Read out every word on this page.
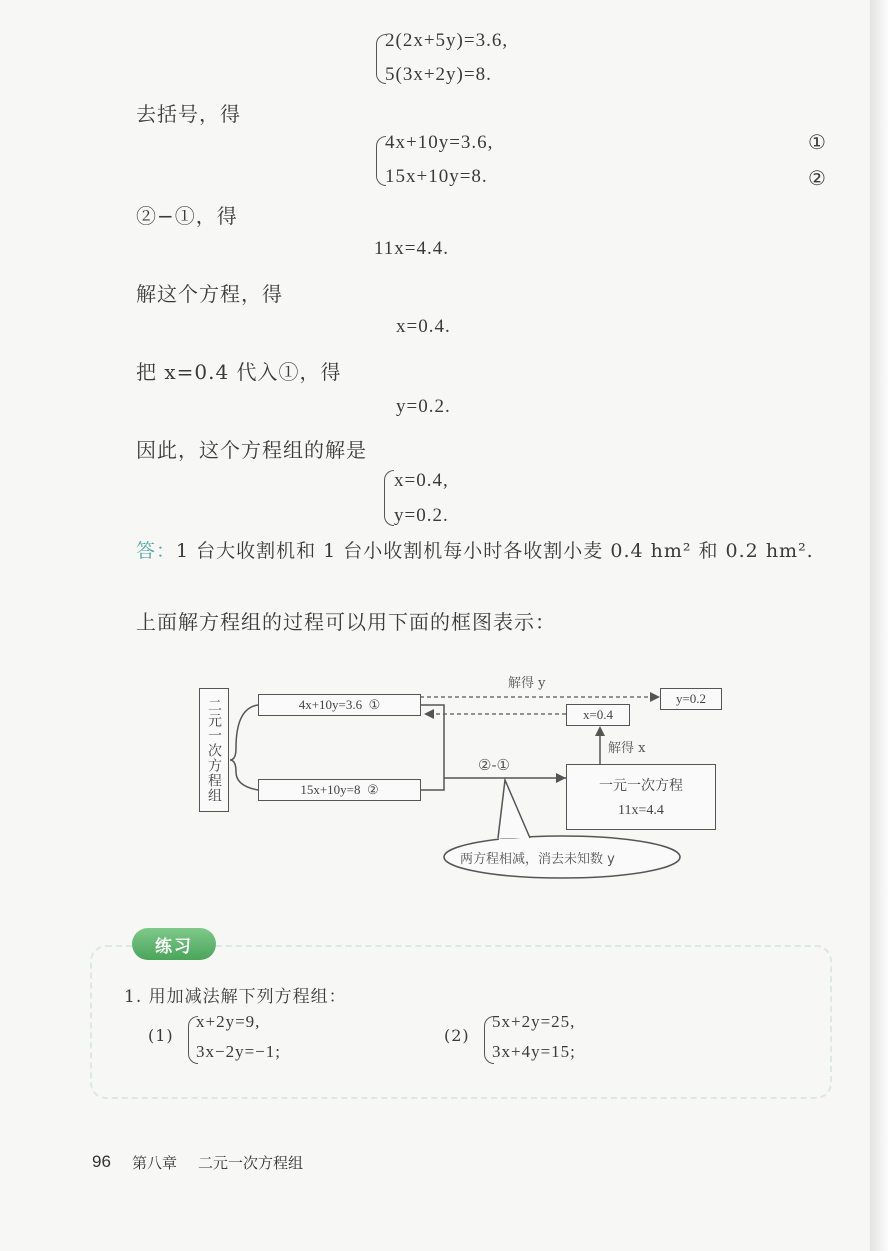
2(2x+5y)=3.6,
5(3x+2y)=8.
去括号，得
4x+10y=3.6,
15x+10y=8.
①
②
②−①，得
11x=4.4.
解这个方程，得
x=0.4.
把 x=0.4 代入①，得
y=0.2.
因此，这个方程组的解是
x=0.4,
y=0.2.
答：1 台大收割机和 1 台小收割机每小时各收割小麦 0.4 hm² 和 0.2 hm².
上面解方程组的过程可以用下面的框图表示：
二元一次方程组	4x+10y=3.6  ①
15x+10y=8  ②
②-①
一元一次方程
11x=4.4
解得 x
x=0.4
解得 y
y=0.2
两方程相减，消去未知数 y
练习
1. 用加减法解下列方程组：
(1)
x+2y=9,
3x−2y=−1;
(2)
5x+2y=25,
3x+4y=15;
96 第八章 二元一次方程组
